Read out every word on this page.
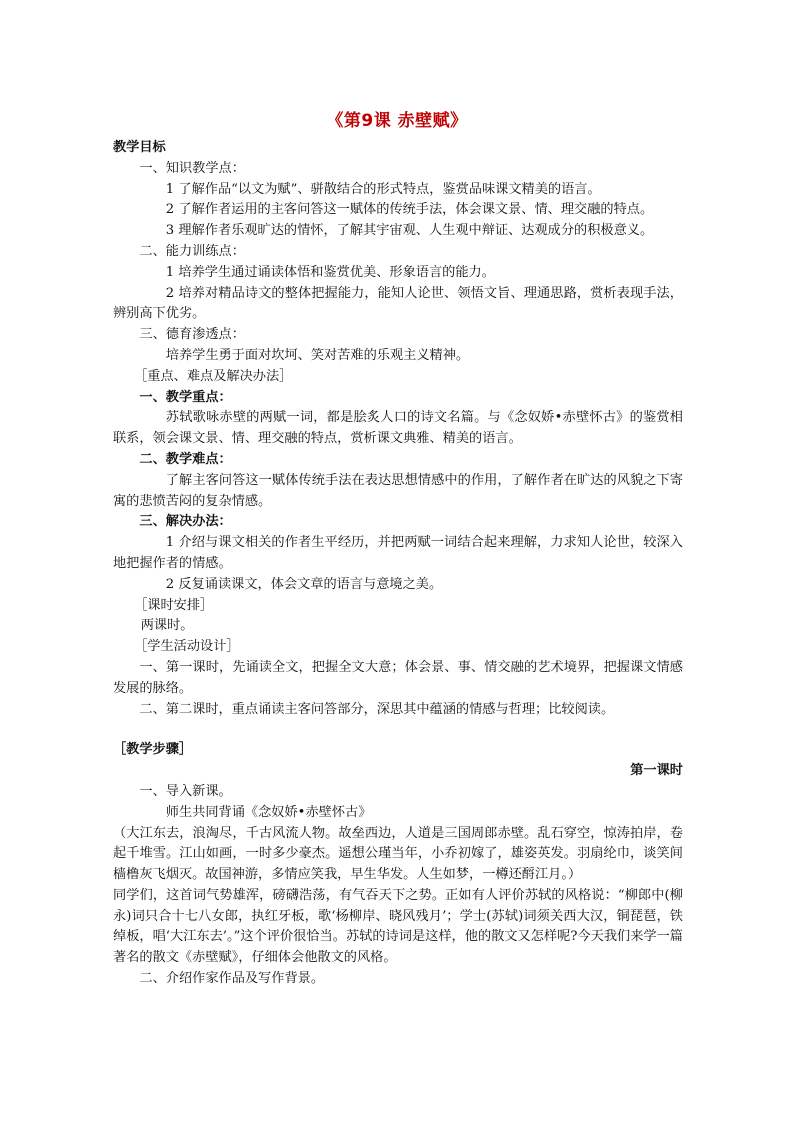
《第9课 赤壁赋》

教学目标

一、知识教学点：

1 了解作品“以文为赋”、骈散结合的形式特点，鉴赏品味课文精美的语言。

2 了解作者运用的主客问答这一赋体的传统手法，体会课文景、情、理交融的特点。

3 理解作者乐观旷达的情怀，了解其宇宙观、人生观中辩证、达观成分的积极意义。

二、能力训练点：

1 培养学生通过诵读体悟和鉴赏优美、形象语言的能力。

2 培养对精品诗文的整体把握能力，能知人论世、领悟文旨、理通思路，赏析表现手法，辨别高下优劣。

三、德育渗透点：

培养学生勇于面对坎坷、笑对苦难的乐观主义精神。

［重点、难点及解决办法］

一、教学重点：

苏轼歌咏赤壁的两赋一词，都是脍炙人口的诗文名篇。与《念奴娇•赤壁怀古》的鉴赏相联系，领会课文景、情、理交融的特点，赏析课文典雅、精美的语言。

二、教学难点：

了解主客问答这一赋体传统手法在表达思想情感中的作用，了解作者在旷达的风貌之下寄寓的悲愤苦闷的复杂情感。

三、解决办法：

1 介绍与课文相关的作者生平经历，并把两赋一词结合起来理解，力求知人论世，较深入地把握作者的情感。

2 反复诵读课文，体会文章的语言与意境之美。

［课时安排］

两课时。

［学生活动设计］

一、第一课时，先诵读全文，把握全文大意；体会景、事、情交融的艺术境界，把握课文情感发展的脉络。

二、第二课时，重点诵读主客问答部分，深思其中蕴涵的情感与哲理；比较阅读。

［教学步骤］

第一课时

一、导入新课。

师生共同背诵《念奴娇•赤壁怀古》

（大江东去，浪淘尽，千古风流人物。故垒西边，人道是三国周郎赤壁。乱石穿空，惊涛拍岸，卷起千堆雪。江山如画，一时多少豪杰。遥想公瑾当年，小乔初嫁了，雄姿英发。羽扇纶巾，谈笑间樯橹灰飞烟灭。故国神游，多情应笑我，早生华发。人生如梦，一樽还酹江月。）

同学们，这首词气势雄浑，磅礴浩荡，有气吞天下之势。正如有人评价苏轼的风格说：“柳郎中(柳永)词只合十七八女郎，执红牙板，歌‘杨柳岸、晓风残月’；学士(苏轼)词须关西大汉，铜琵琶，铁绰板，唱‘大江东去’。”这个评价很恰当。苏轼的诗词是这样，他的散文又怎样呢?今天我们来学一篇著名的散文《赤壁赋》，仔细体会他散文的风格。

二、介绍作家作品及写作背景。
